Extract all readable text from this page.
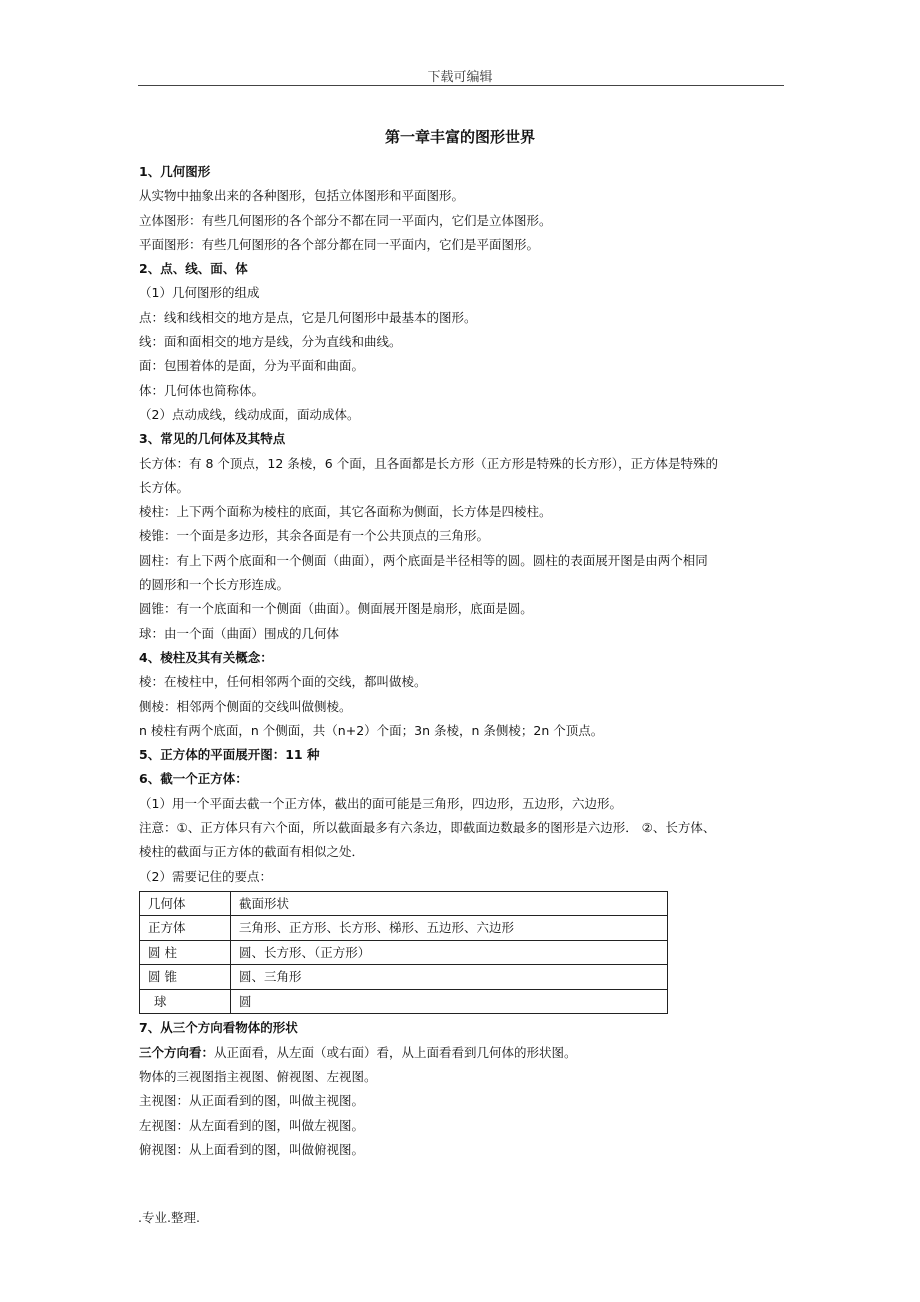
下载可编辑
第一章丰富的图形世界
1、几何图形
从实物中抽象出来的各种图形，包括立体图形和平面图形。
立体图形：有些几何图形的各个部分不都在同一平面内，它们是立体图形。
平面图形：有些几何图形的各个部分都在同一平面内，它们是平面图形。
2、点、线、面、体
（1）几何图形的组成
点：线和线相交的地方是点，它是几何图形中最基本的图形。
线：面和面相交的地方是线，分为直线和曲线。
面：包围着体的是面，分为平面和曲面。
体：几何体也简称体。
（2）点动成线，线动成面，面动成体。
3、常见的几何体及其特点
长方体：有 8 个顶点，12 条棱，6 个面，且各面都是长方形（正方形是特殊的长方形），正方体是特殊的
长方体。
棱柱：上下两个面称为棱柱的底面，其它各面称为侧面，长方体是四棱柱。
棱锥：一个面是多边形，其余各面是有一个公共顶点的三角形。
圆柱：有上下两个底面和一个侧面（曲面），两个底面是半径相等的圆。圆柱的表面展开图是由两个相同
的圆形和一个长方形连成。
圆锥：有一个底面和一个侧面（曲面）。侧面展开图是扇形，底面是圆。
球：由一个面（曲面）围成的几何体
4、棱柱及其有关概念：
棱：在棱柱中，任何相邻两个面的交线，都叫做棱。
侧棱：相邻两个侧面的交线叫做侧棱。
n 棱柱有两个底面，n 个侧面，共（n+2）个面；3n 条棱，n 条侧棱；2n 个顶点。
5、正方体的平面展开图：11 种
6、截一个正方体：
（1）用一个平面去截一个正方体，截出的面可能是三角形，四边形，五边形，六边形。
注意：①、正方体只有六个面，所以截面最多有六条边，即截面边数最多的图形是六边形． ②、长方体、
棱柱的截面与正方体的截面有相似之处．
（2）需要记住的要点：
几何体	截面形状
正方体	三角形、正方形、长方形、梯形、五边形、六边形
圆 柱	圆、长方形、（正方形）
圆 锥	圆、三角形
球	圆
7、从三个方向看物体的形状
三个方向看：从正面看，从左面（或右面）看，从上面看看到几何体的形状图。
物体的三视图指主视图、俯视图、左视图。
主视图：从正面看到的图，叫做主视图。
左视图：从左面看到的图，叫做左视图。
俯视图：从上面看到的图，叫做俯视图。
.专业.整理.
